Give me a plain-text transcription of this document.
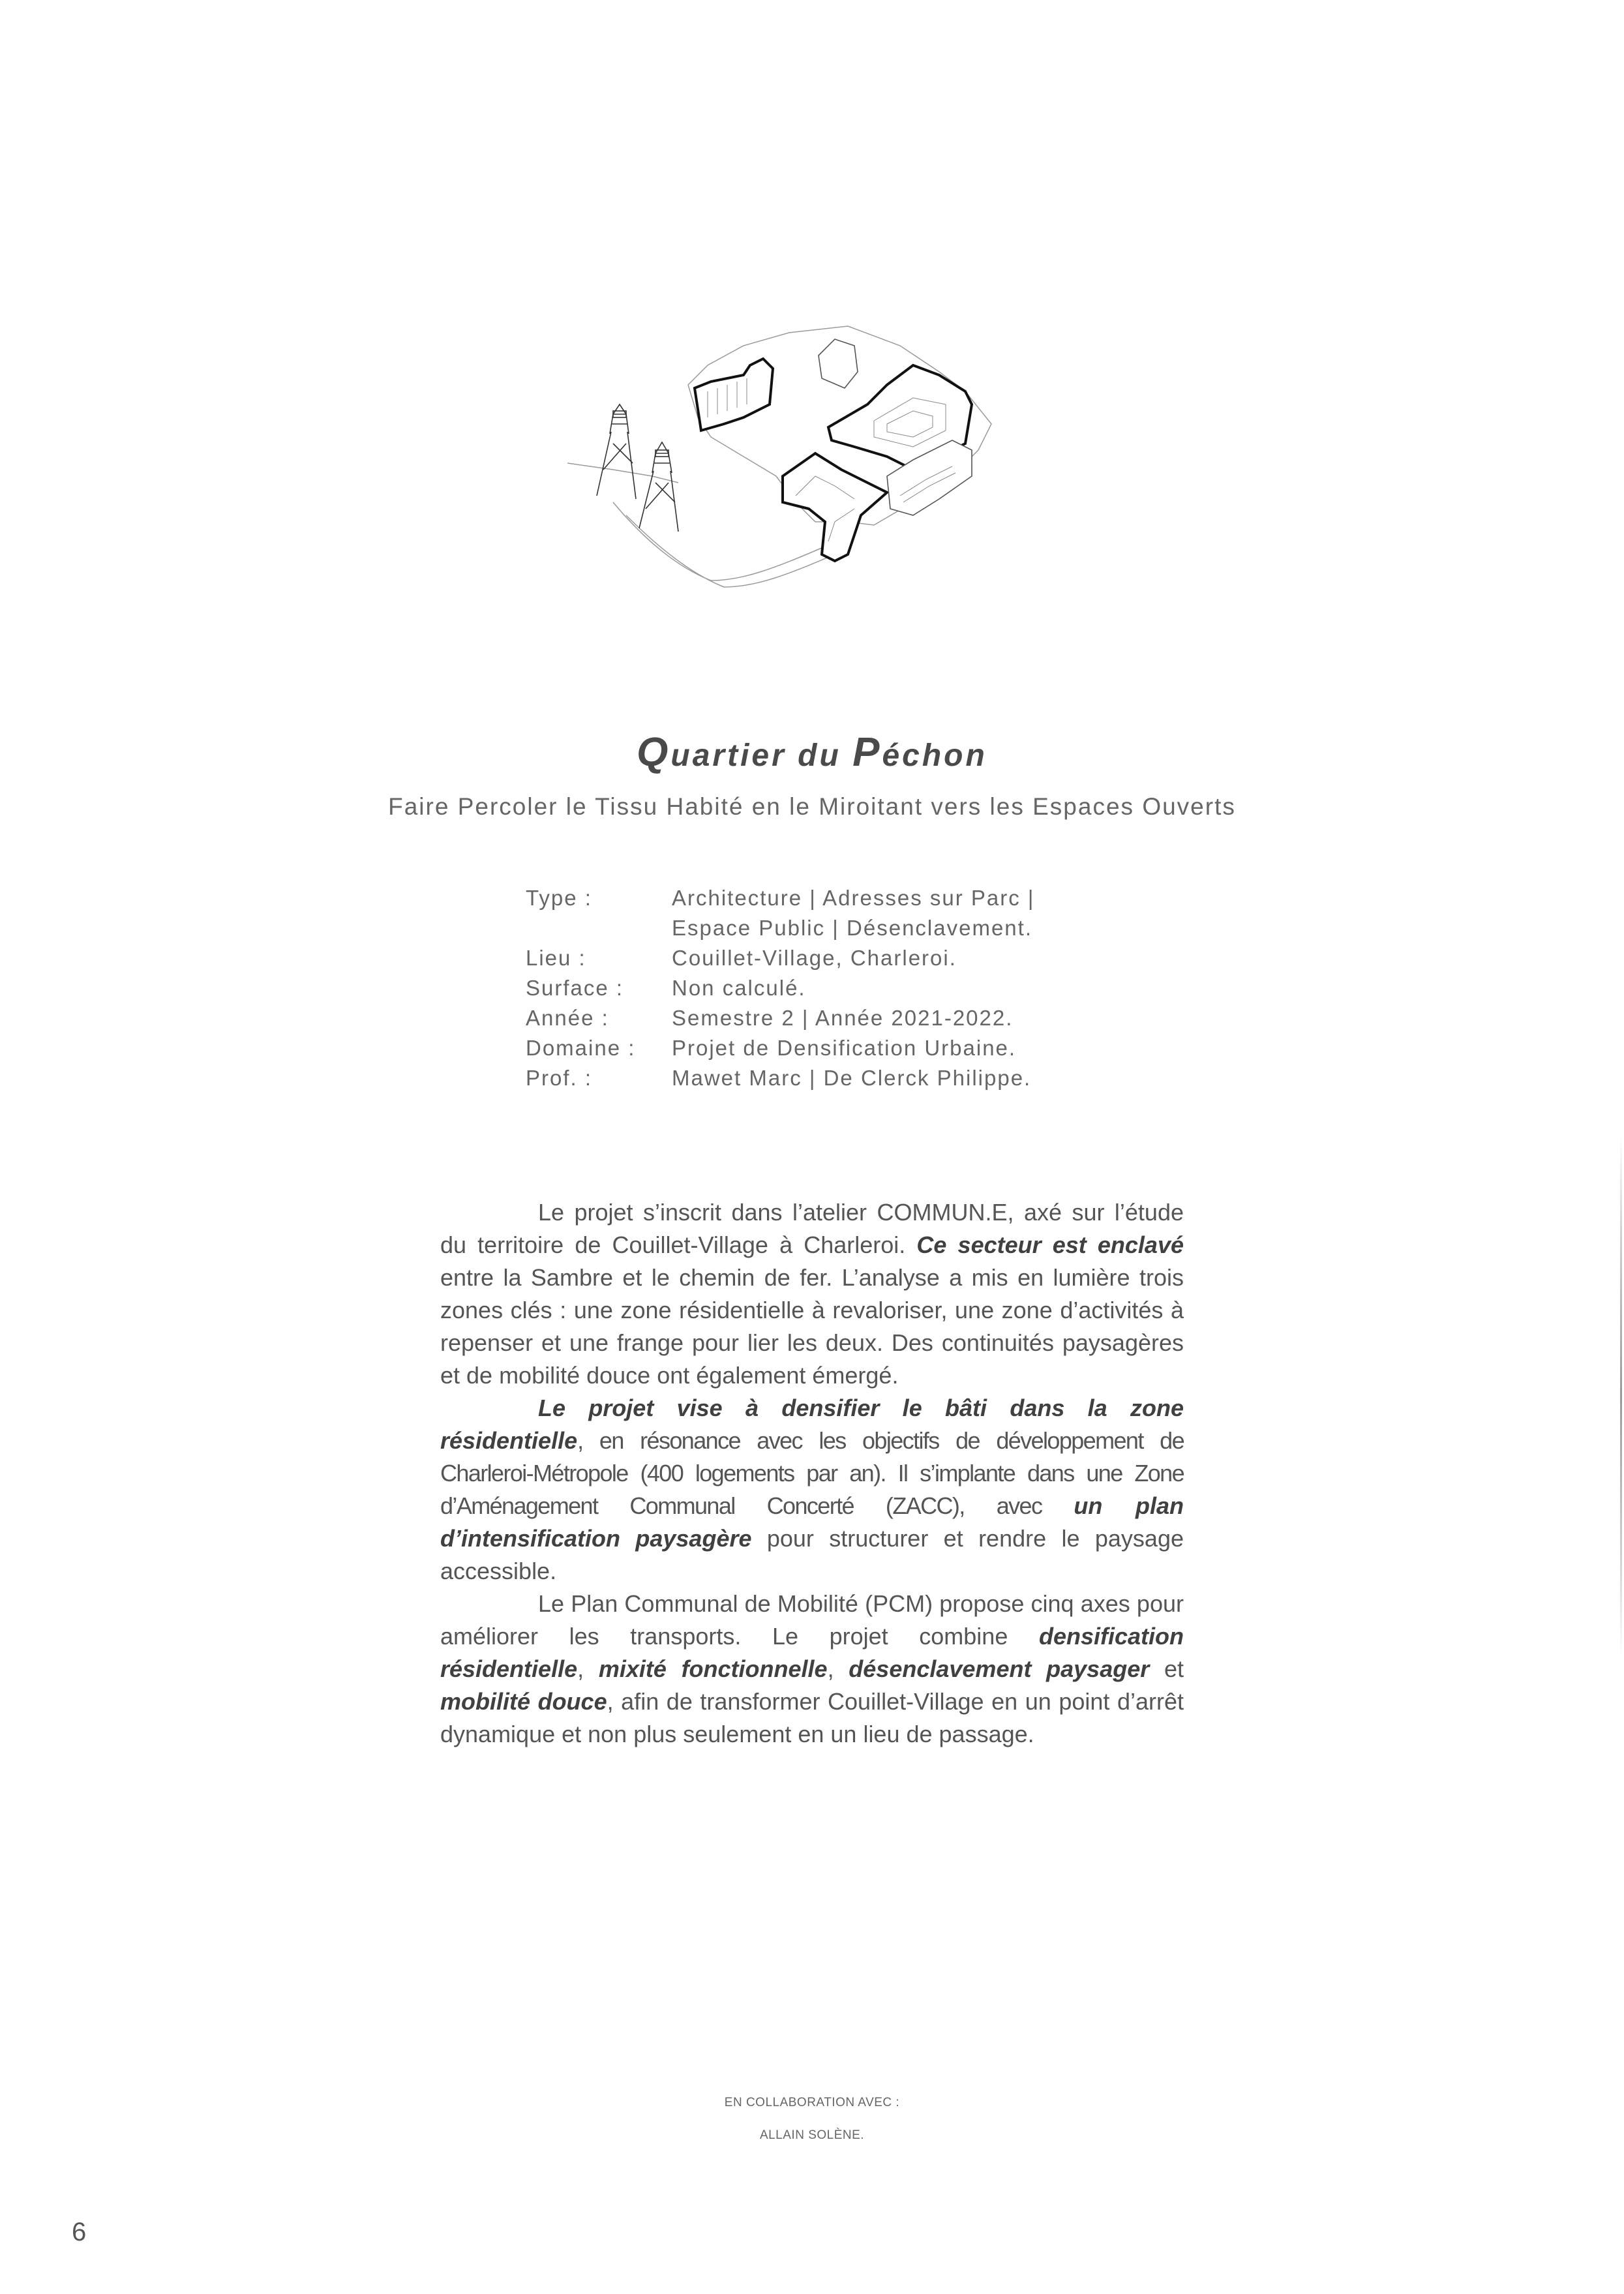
Quartier du Péchon
Faire Percoler le Tissu Habité en le Miroitant vers les Espaces Ouverts
Type :	Architecture | Adresses sur Parc |
Espace Public | Désenclavement.
Lieu :	Couillet-Village, Charleroi.
Surface :	Non calculé.
Année :	Semestre 2 | Année 2021-2022.
Domaine :	Projet de Densification Urbaine.
Prof. :	Mawet Marc | De Clerck Philippe.

Le projet s’inscrit dans l’atelier COMMUN.E, axé sur l’étude du territoire de Couillet-Village à Charleroi. Ce secteur est enclavé entre la Sambre et le chemin de fer. L’analyse a mis en lumière trois zones clés : une zone résidentielle à revaloriser, une zone d’activités à repenser et une frange pour lier les deux. Des continuités paysagères et de mobilité douce ont également émergé.

Le projet vise à densifier le bâti dans la zone résidentielle, en résonance avec les objectifs de développement de Charleroi-Métropole (400 logements par an). Il s’implante dans une Zone d’Aménagement Communal Concerté (ZACC), avec un plan d’intensification paysagère pour structurer et rendre le paysage accessible.

Le Plan Communal de Mobilité (PCM) propose cinq axes pour améliorer les transports. Le projet combine densification résidentielle, mixité fonctionnelle, désenclavement paysager et mobilité douce, afin de transformer Couillet-Village en un point d’arrêt dynamique et non plus seulement en un lieu de passage.

EN COLLABORATION AVEC :
ALLAIN SOLÈNE.
6
